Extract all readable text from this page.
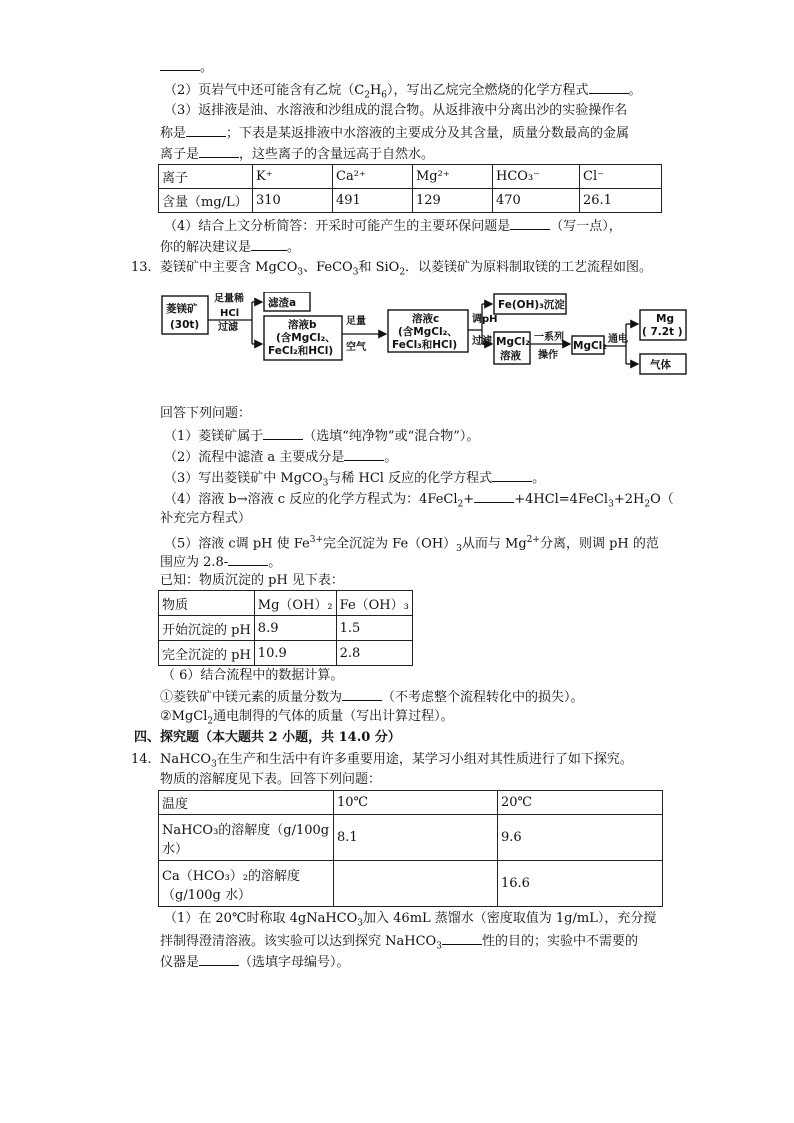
。
（2）页岩气中还可能含有乙烷$(C_2H_6)$，写出乙烷完全燃烧的化学方程式	。
（3）返排液是油、水溶液和沙组成的混合物。从返排液中分离出沙的实验操作名
称是	；下表是某返排液中水溶液的主要成分及其含量，质量分数最高的金属
离子是	，这些离子的含量远高于自然水。
离子	K⁺	Ca²⁺	Mg²⁺	HCO₃⁻	Cl⁻
含量（mg/L）	310	491	129	470	26.1
（4）结合上文分析简答：开采时可能产生的主要环保问题是	（写一点），
你的解决建议是	。
13. 菱镁矿中主要含 MgCO$_3$、FeCO$_3$和 SiO$_2$．以菱镁矿为原料制取镁的工艺流程如图。
菱镁矿
(30t)
足量稀
HCl
过滤
滤渣a
溶液b
(含MgCl₂、
FeCl₂和HCl)
足量
空气
溶液c
(含MgCl₂、
FeCl₃和HCl)
调pH
过滤
Fe(OH)₃沉淀
MgCl₂
溶液
一系列
操作
MgCl₂
通电
Mg
( 7.2t )
气体
回答下列问题：
（1）菱镁矿属于	（选填“纯净物”或“混合物”）。
（2）流程中滤渣 a 主要成分是	。
（3）写出菱镁矿中 MgCO$_3$与稀 HCl 反应的化学方程式	。
（4）溶液 b→溶液 c 反应的化学方程式为：4FeCl$_2$+	$+4HCl=4FeCl_3+2H_2O$（
补充完方程式）
（5）溶液 c调 pH 使 $Fe^{3+}$完全沉淀为 $Fe(OH)_3$从而与 $Mg^{2+}$分离，则调 pH 的范
围应为 2.8-	。
已知：物质沉淀的 pH 见下表：
物质	Mg（OH）₂	Fe（OH）₃
开始沉淀的 pH	8.9	1.5
完全沉淀的 pH	10.9	2.8
（ 6）结合流程中的数据计算。
①菱铁矿中镁元素的质量分数为	（不考虑整个流程转化中的损失）。
②MgCl$_2$通电制得的气体的质量（写出计算过程）。
四、探究题（本大题共 2 小题，共 14.0 分）
14. NaHCO$_3$在生产和生活中有许多重要用途，某学习小组对其性质进行了如下探究。
物质的溶解度见下表。回答下列问题：
温度	10℃	20℃

NaHCO₃的溶解度（g/100g
水）	8.1	9.6

Ca（HCO₃）₂的溶解度
（g/100g 水）		16.6
（1）在 20℃时称取 4gNaHCO$_3$加入 46mL 蒸馏水（密度取值为 1g/mL），充分搅
拌制得澄清溶液。该实验可以达到探究 NaHCO$_3$	性的目的；实验中不需要的
仪器是	（选填字母编号）。
